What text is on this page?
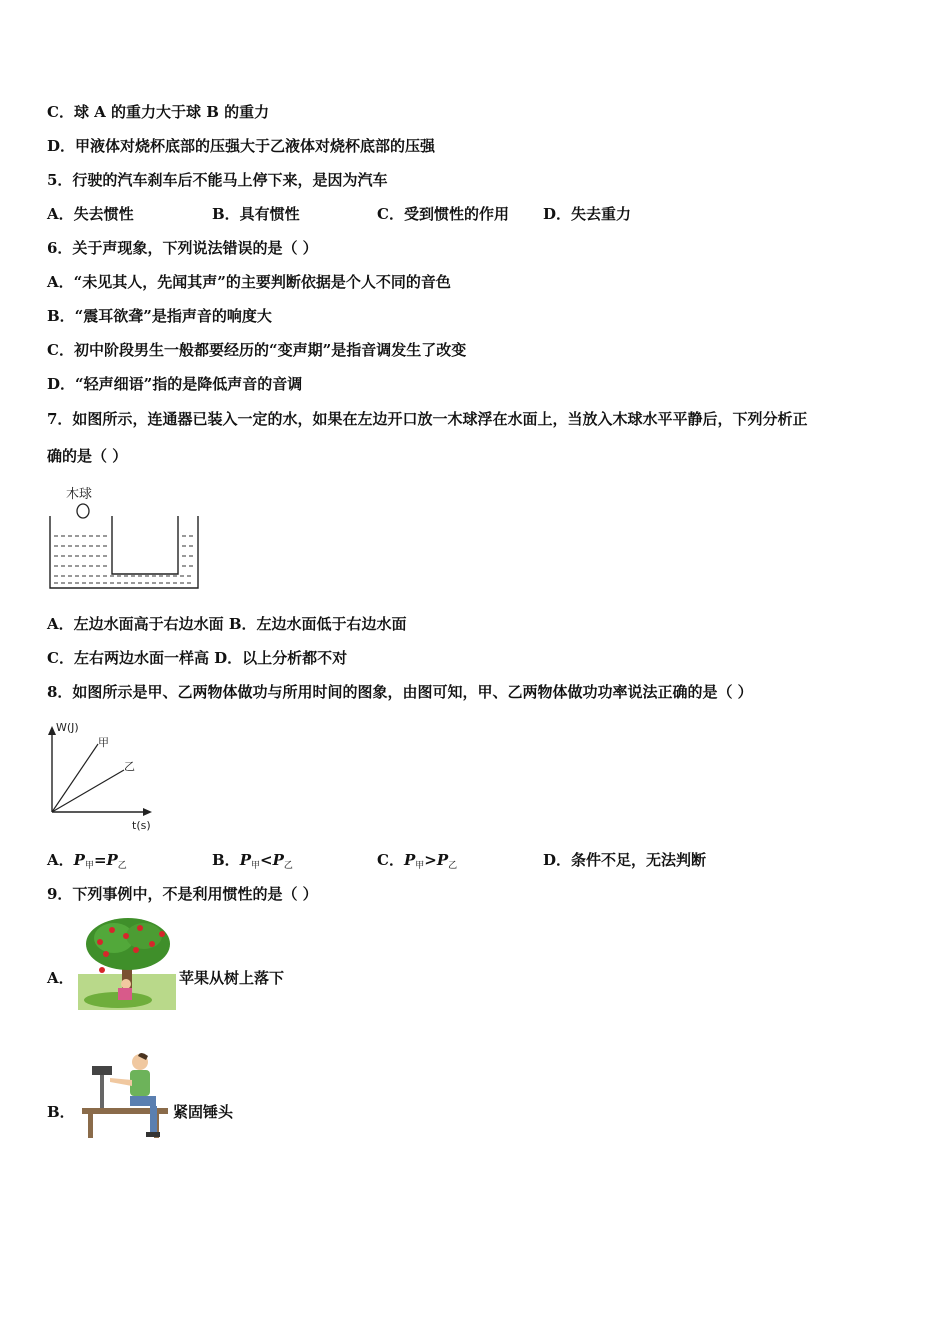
C．球 A 的重力大于球 B 的重力
D．甲液体对烧杯底部的压强大于乙液体对烧杯底部的压强
5．行驶的汽车刹车后不能马上停下来，是因为汽车
A．失去惯性	B．具有惯性	C．受到惯性的作用 D．失去重力
6．关于声现象，下列说法错误的是（ ）
A．“未见其人，先闻其声”的主要判断依据是个人不同的音色
B．“震耳欲聋”是指声音的响度大
C．初中阶段男生一般都要经历的“变声期”是指音调发生了改变
D．“轻声细语”指的是降低声音的音调
7．如图所示，连通器已装入一定的水，如果在左边开口放一木球浮在水面上，当放入木球水平平静后，下列分析正
确的是（ ）
木球
A．左边水面高于右边水面 B．左边水面低于右边水面
C．左右两边水面一样高 D．以上分析都不对
8．如图所示是甲、乙两物体做功与所用时间的图象，由图可知，甲、乙两物体做功功率说法正确的是（ ）
W(J)
t(s)
甲
乙
A．$P_甲=P_乙$	B．$P_甲<P_乙$	C．$P_甲>P_乙$	D．条件不足，无法判断
9．下列事例中，不是利用惯性的是（ ）
A．	苹果从树上落下
B．	紧固锤头
